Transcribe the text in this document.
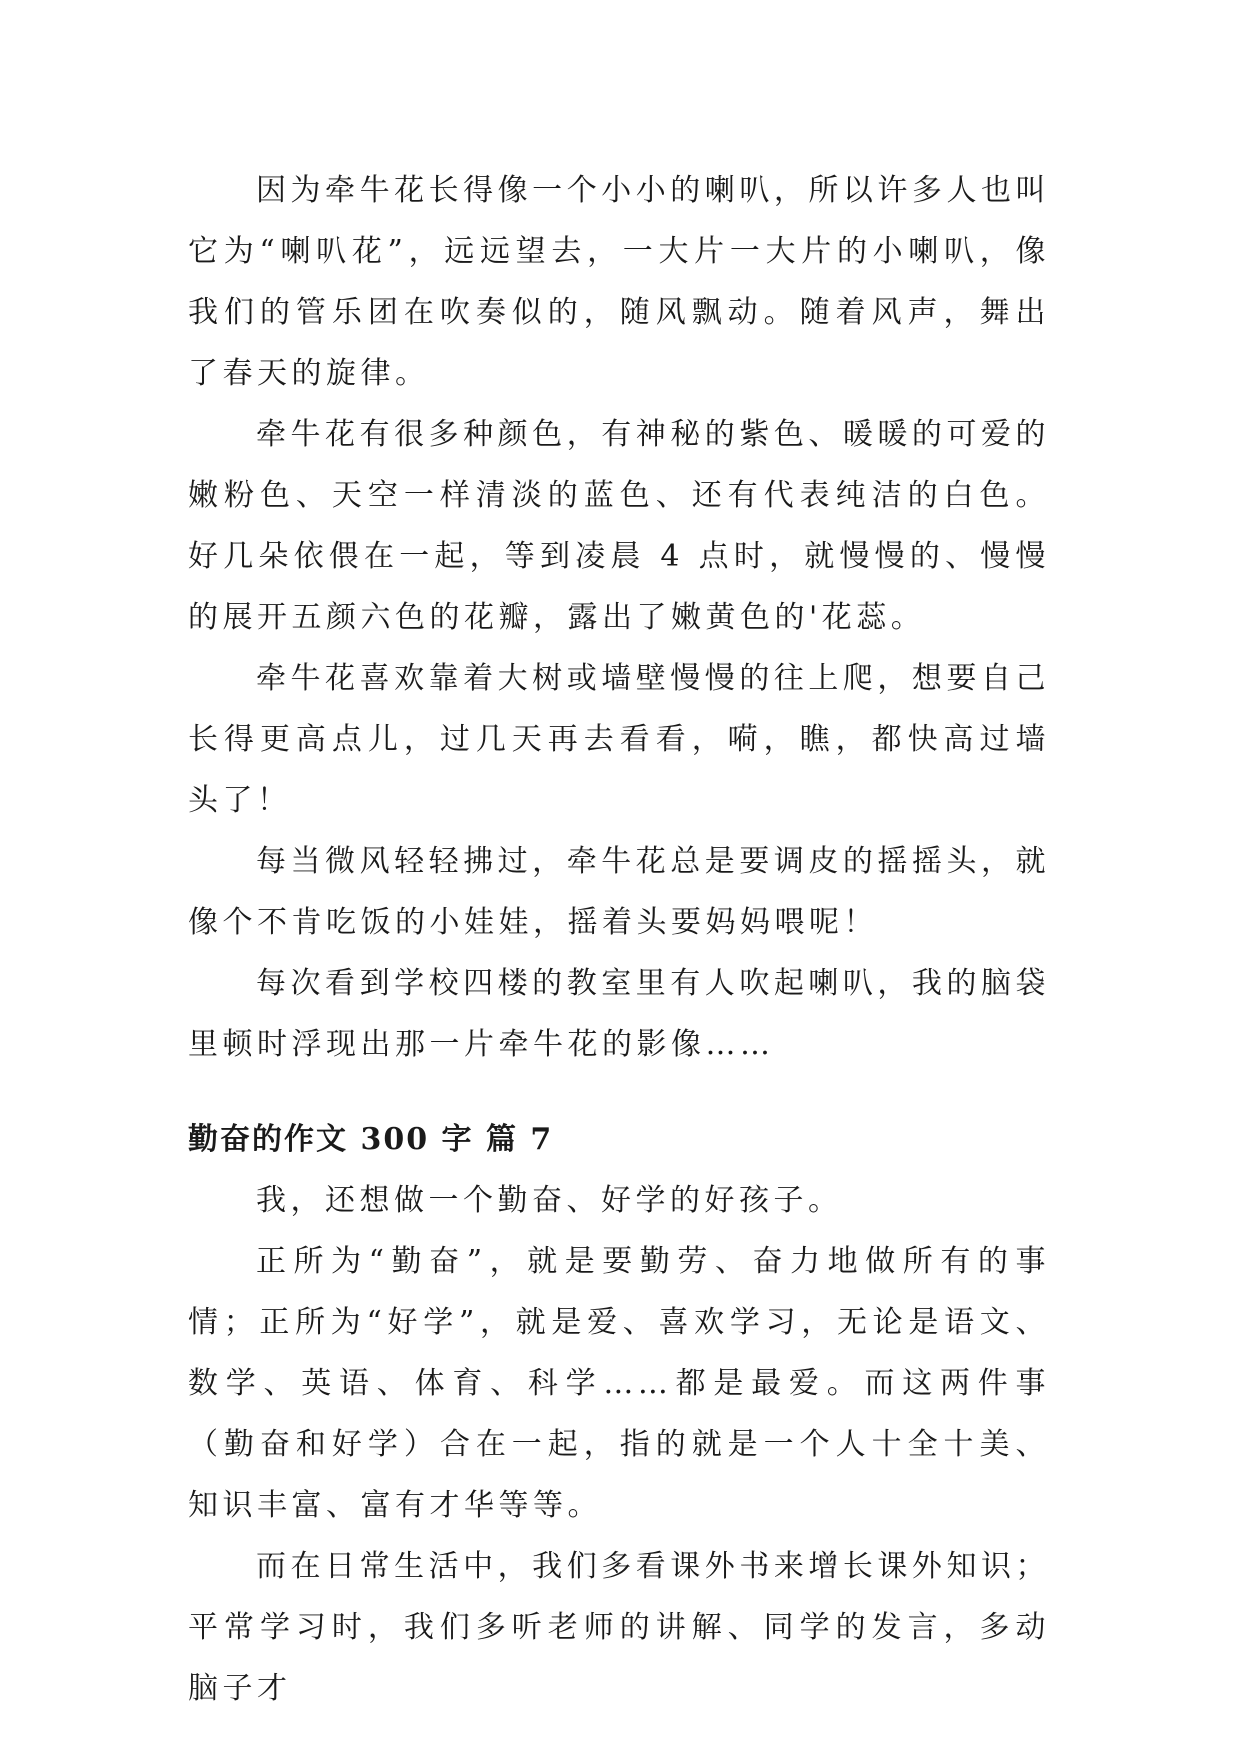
因为牵牛花长得像一个小小的喇叭，所以许多人也叫它为“喇叭花”，远远望去，一大片一大片的小喇叭，像我们的管乐团在吹奏似的，随风飘动。随着风声，舞出了春天的旋律。

牵牛花有很多种颜色，有神秘的紫色、暖暖的可爱的嫩粉色、天空一样清淡的蓝色、还有代表纯洁的白色。好几朵依偎在一起，等到凌晨 4 点时，就慢慢的、慢慢的展开五颜六色的花瓣，露出了嫩黄色的'花蕊。

牵牛花喜欢靠着大树或墙壁慢慢的往上爬，想要自己长得更高点儿，过几天再去看看，嗬，瞧，都快高过墙头了！

每当微风轻轻拂过，牵牛花总是要调皮的摇摇头，就像个不肯吃饭的小娃娃，摇着头要妈妈喂呢！

每次看到学校四楼的教室里有人吹起喇叭，我的脑袋里顿时浮现出那一片牵牛花的影像……

勤奋的作文 300 字 篇 7

我，还想做一个勤奋、好学的好孩子。

正所为“勤奋”，就是要勤劳、奋力地做所有的事情；正所为“好学”，就是爱、喜欢学习，无论是语文、数学、英语、体育、科学……都是最爱。而这两件事（勤奋和好学）合在一起，指的就是一个人十全十美、知识丰富、富有才华等等。

而在日常生活中，我们多看课外书来增长课外知识；平常学习时，我们多听老师的讲解、同学的发言，多动脑子才
